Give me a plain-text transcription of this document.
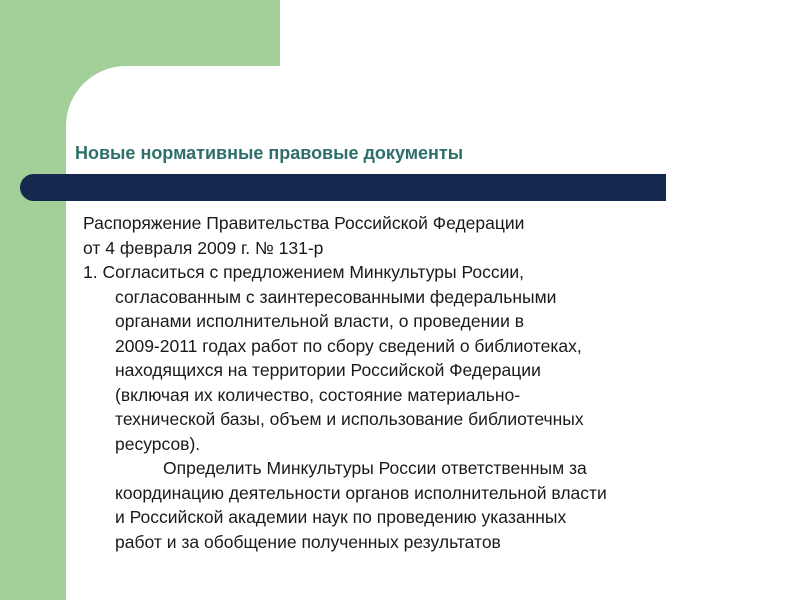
Новые нормативные правовые документы

Распоряжение Правительства Российской Федерации
от 4 февраля 2009 г. № 131-р

1. Согласиться с предложением Минкультуры России,
согласованным с заинтересованными федеральными
органами исполнительной власти, о проведении в
2009-2011 годах работ по сбору сведений о библиотеках,
находящихся на территории Российской Федерации
(включая их количество, состояние материально-
технической базы, объем и использование библиотечных
ресурсов).

Определить Минкультуры России ответственным за
координацию деятельности органов исполнительной власти
и Российской академии наук по проведению указанных
работ и за обобщение полученных результатов
